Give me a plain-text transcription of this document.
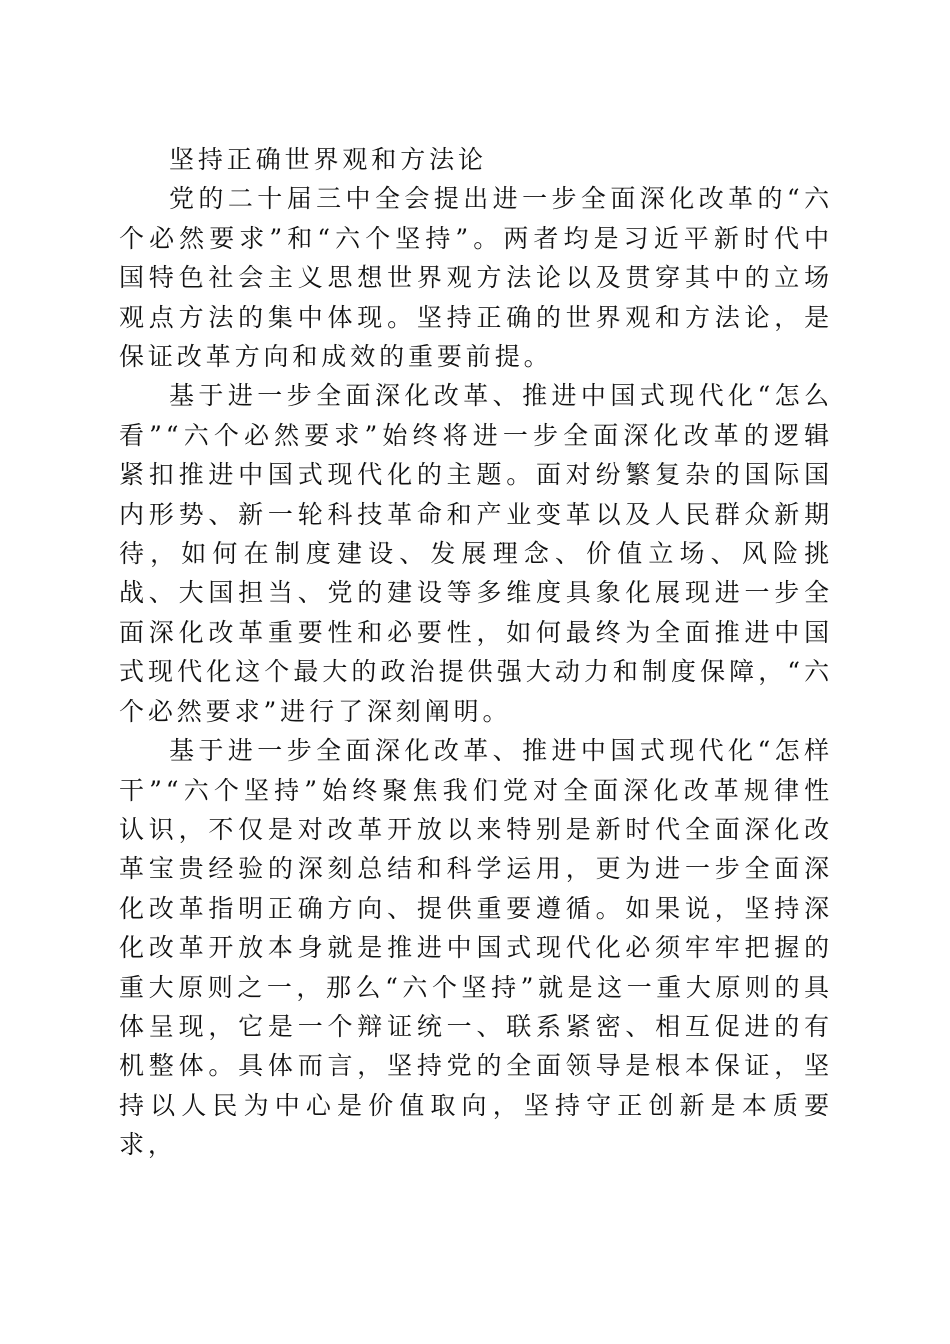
坚持正确世界观和方法论

党的二十届三中全会提出进一步全面深化改革的“六个必然要求”和“六个坚持”。两者均是习近平新时代中国特色社会主义思想世界观方法论以及贯穿其中的立场观点方法的集中体现。坚持正确的世界观和方法论，是保证改革方向和成效的重要前提。

基于进一步全面深化改革、推进中国式现代化“怎么看”“六个必然要求”始终将进一步全面深化改革的逻辑紧扣推进中国式现代化的主题。面对纷繁复杂的国际国内形势、新一轮科技革命和产业变革以及人民群众新期待，如何在制度建设、发展理念、价值立场、风险挑战、大国担当、党的建设等多维度具象化展现进一步全面深化改革重要性和必要性，如何最终为全面推进中国式现代化这个最大的政治提供强大动力和制度保障，“六个必然要求”进行了深刻阐明。

基于进一步全面深化改革、推进中国式现代化“怎样干”“六个坚持”始终聚焦我们党对全面深化改革规律性认识，不仅是对改革开放以来特别是新时代全面深化改革宝贵经验的深刻总结和科学运用，更为进一步全面深化改革指明正确方向、提供重要遵循。如果说，坚持深化改革开放本身就是推进中国式现代化必须牢牢把握的重大原则之一，那么“六个坚持”就是这一重大原则的具体呈现，它是一个辩证统一、联系紧密、相互促进的有机整体。具体而言，坚持党的全面领导是根本保证，坚持以人民为中心是价值取向，坚持守正创新是本质要求，
